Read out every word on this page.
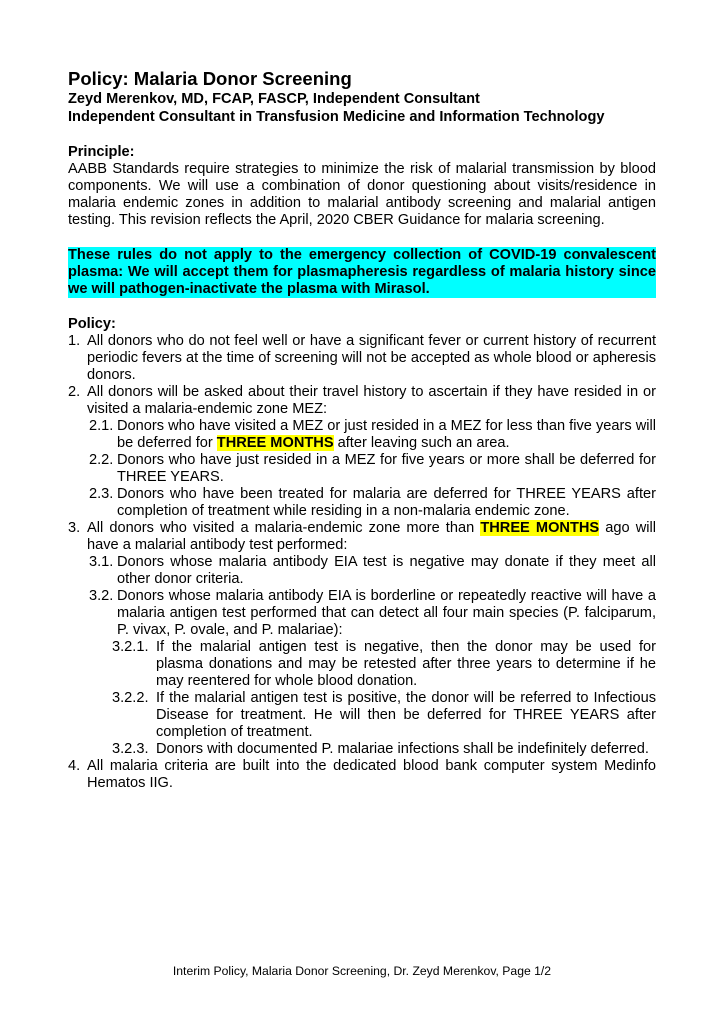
Policy: Malaria Donor Screening

Zeyd Merenkov, MD, FCAP, FASCP, Independent Consultant

Independent Consultant in Transfusion Medicine and Information Technology

Principle:

AABB Standards require strategies to minimize the risk of malarial transmission by blood components. We will use a combination of donor questioning about visits/residence in malaria endemic zones in addition to malarial antibody screening and malarial antigen testing. This revision reflects the April, 2020 CBER Guidance for malaria screening.

These rules do not apply to the emergency collection of COVID-19 convalescent plasma: We will accept them for plasmapheresis regardless of malaria history since we will pathogen-inactivate the plasma with Mirasol.

Policy:

1. All donors who do not feel well or have a significant fever or current history of recurrent periodic fevers at the time of screening will not be accepted as whole blood or apheresis donors.

2. All donors will be asked about their travel history to ascertain if they have resided in or visited a malaria-endemic zone MEZ:

2.1. Donors who have visited a MEZ or just resided in a MEZ for less than five years will be deferred for THREE MONTHS after leaving such an area.

2.2. Donors who have just resided in a MEZ for five years or more shall be deferred for THREE YEARS.

2.3. Donors who have been treated for malaria are deferred for THREE YEARS after completion of treatment while residing in a non-malaria endemic zone.

3. All donors who visited a malaria-endemic zone more than THREE MONTHS ago will have a malarial antibody test performed:

3.1. Donors whose malaria antibody EIA test is negative may donate if they meet all other donor criteria.

3.2. Donors whose malaria antibody EIA is borderline or repeatedly reactive will have a malaria antigen test performed that can detect all four main species (P. falciparum, P. vivax, P. ovale, and P. malariae):

3.2.1. If the malarial antigen test is negative, then the donor may be used for plasma donations and may be retested after three years to determine if he may reentered for whole blood donation.

3.2.2. If the malarial antigen test is positive, the donor will be referred to Infectious Disease for treatment. He will then be deferred for THREE YEARS after completion of treatment.

3.2.3. Donors with documented P. malariae infections shall be indefinitely deferred.

4. All malaria criteria are built into the dedicated blood bank computer system Medinfo Hematos IIG.

Interim Policy, Malaria Donor Screening, Dr. Zeyd Merenkov, Page 1/2
